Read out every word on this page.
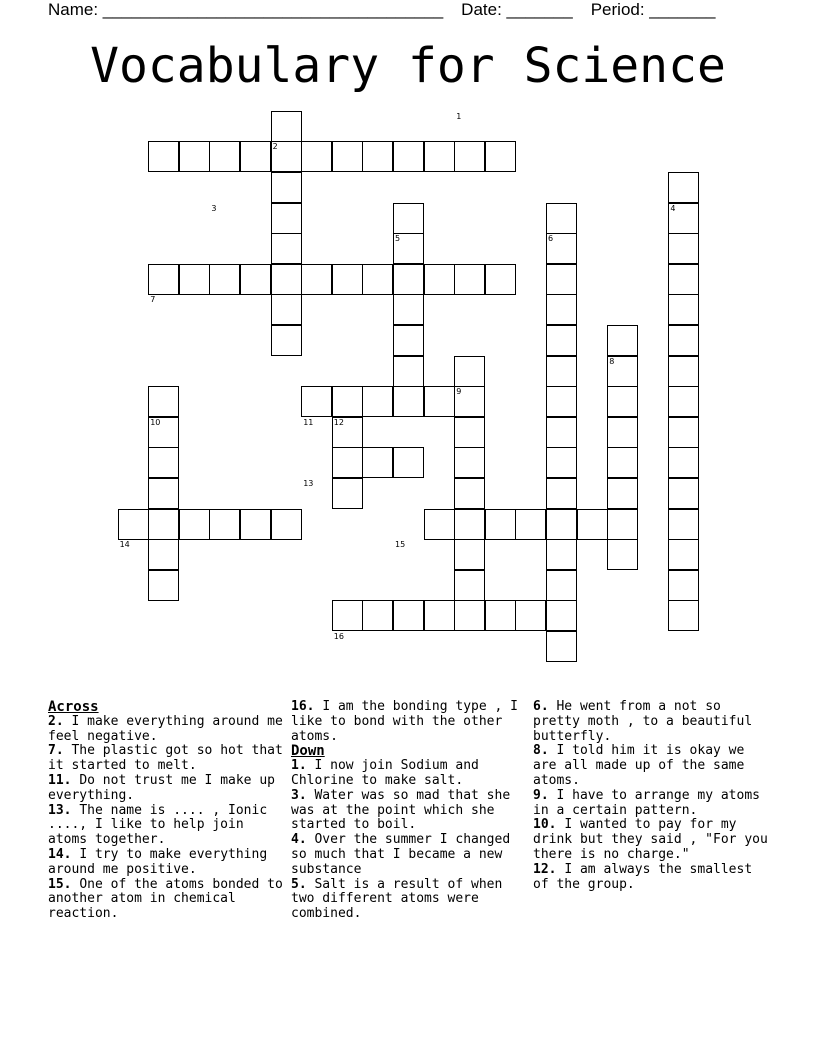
Name: ____________________________________ Date: _______ Period: _______
Vocabulary for Science
1
2
3	4
5	6
7
8
9
10	11	12
13
14	15
16
Across

2. I make everything around me feel negative.

7. The plastic got so hot that it started to melt.

11. Do not trust me I make up everything.

13. The name is .... , Ionic ...., I like to help join atoms together.

14. I try to make everything around me positive.

15. One of the atoms bonded to another atom in chemical reaction.

16. I am the bonding type , I like to bond with the other atoms.

Down

1. I now join Sodium and Chlorine to make salt.

3. Water was so mad that she was at the point which she started to boil.

4. Over the summer I changed so much that I became a new substance

5. Salt is a result of when two different atoms were combined.

6. He went from a not so pretty moth , to a beautiful butterfly.

8. I told him it is okay we are all made up of the same atoms.

9. I have to arrange my atoms in a certain pattern.

10. I wanted to pay for my drink but they said , "For you there is no charge."

12. I am always the smallest of the group.
